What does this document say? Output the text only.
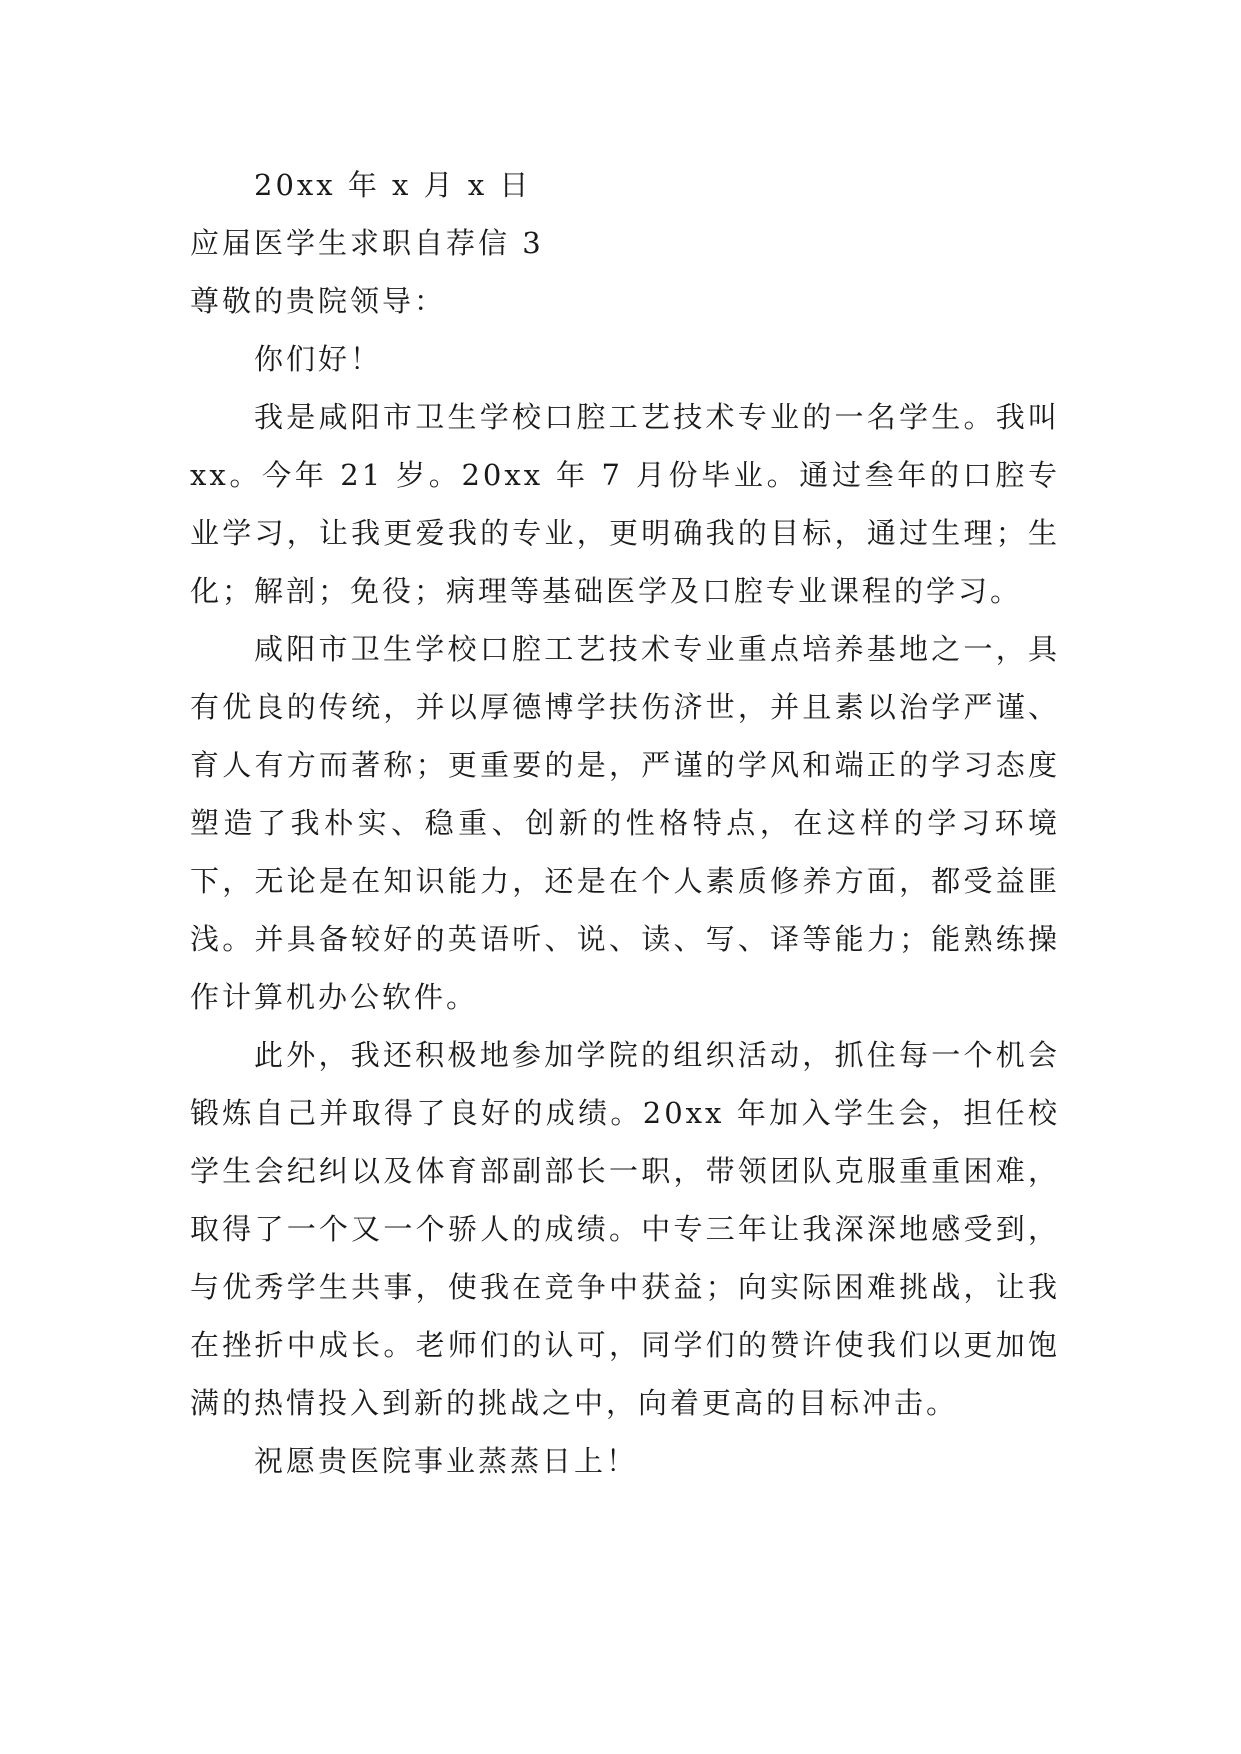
20xx 年 x 月 x 日

应届医学生求职自荐信 3

尊敬的贵院领导：

你们好！

我是咸阳市卫生学校口腔工艺技术专业的一名学生。我叫 xx。今年 21 岁。20xx 年 7 月份毕业。通过叁年的口腔专业学习，让我更爱我的专业，更明确我的目标，通过生理；生化；解剖；免役；病理等基础医学及口腔专业课程的学习。

咸阳市卫生学校口腔工艺技术专业重点培养基地之一，具有优良的传统，并以厚德博学扶伤济世，并且素以治学严谨、育人有方而著称；更重要的是，严谨的学风和端正的学习态度塑造了我朴实、稳重、创新的性格特点，在这样的学习环境下，无论是在知识能力，还是在个人素质修养方面，都受益匪浅。并具备较好的英语听、说、读、写、译等能力；能熟练操作计算机办公软件。

此外，我还积极地参加学院的组织活动，抓住每一个机会锻炼自己并取得了良好的成绩。20xx 年加入学生会，担任校学生会纪纠以及体育部副部长一职，带领团队克服重重困难，取得了一个又一个骄人的成绩。中专三年让我深深地感受到，与优秀学生共事，使我在竞争中获益；向实际困难挑战，让我在挫折中成长。老师们的认可，同学们的赞许使我们以更加饱满的热情投入到新的挑战之中，向着更高的目标冲击。

祝愿贵医院事业蒸蒸日上！
